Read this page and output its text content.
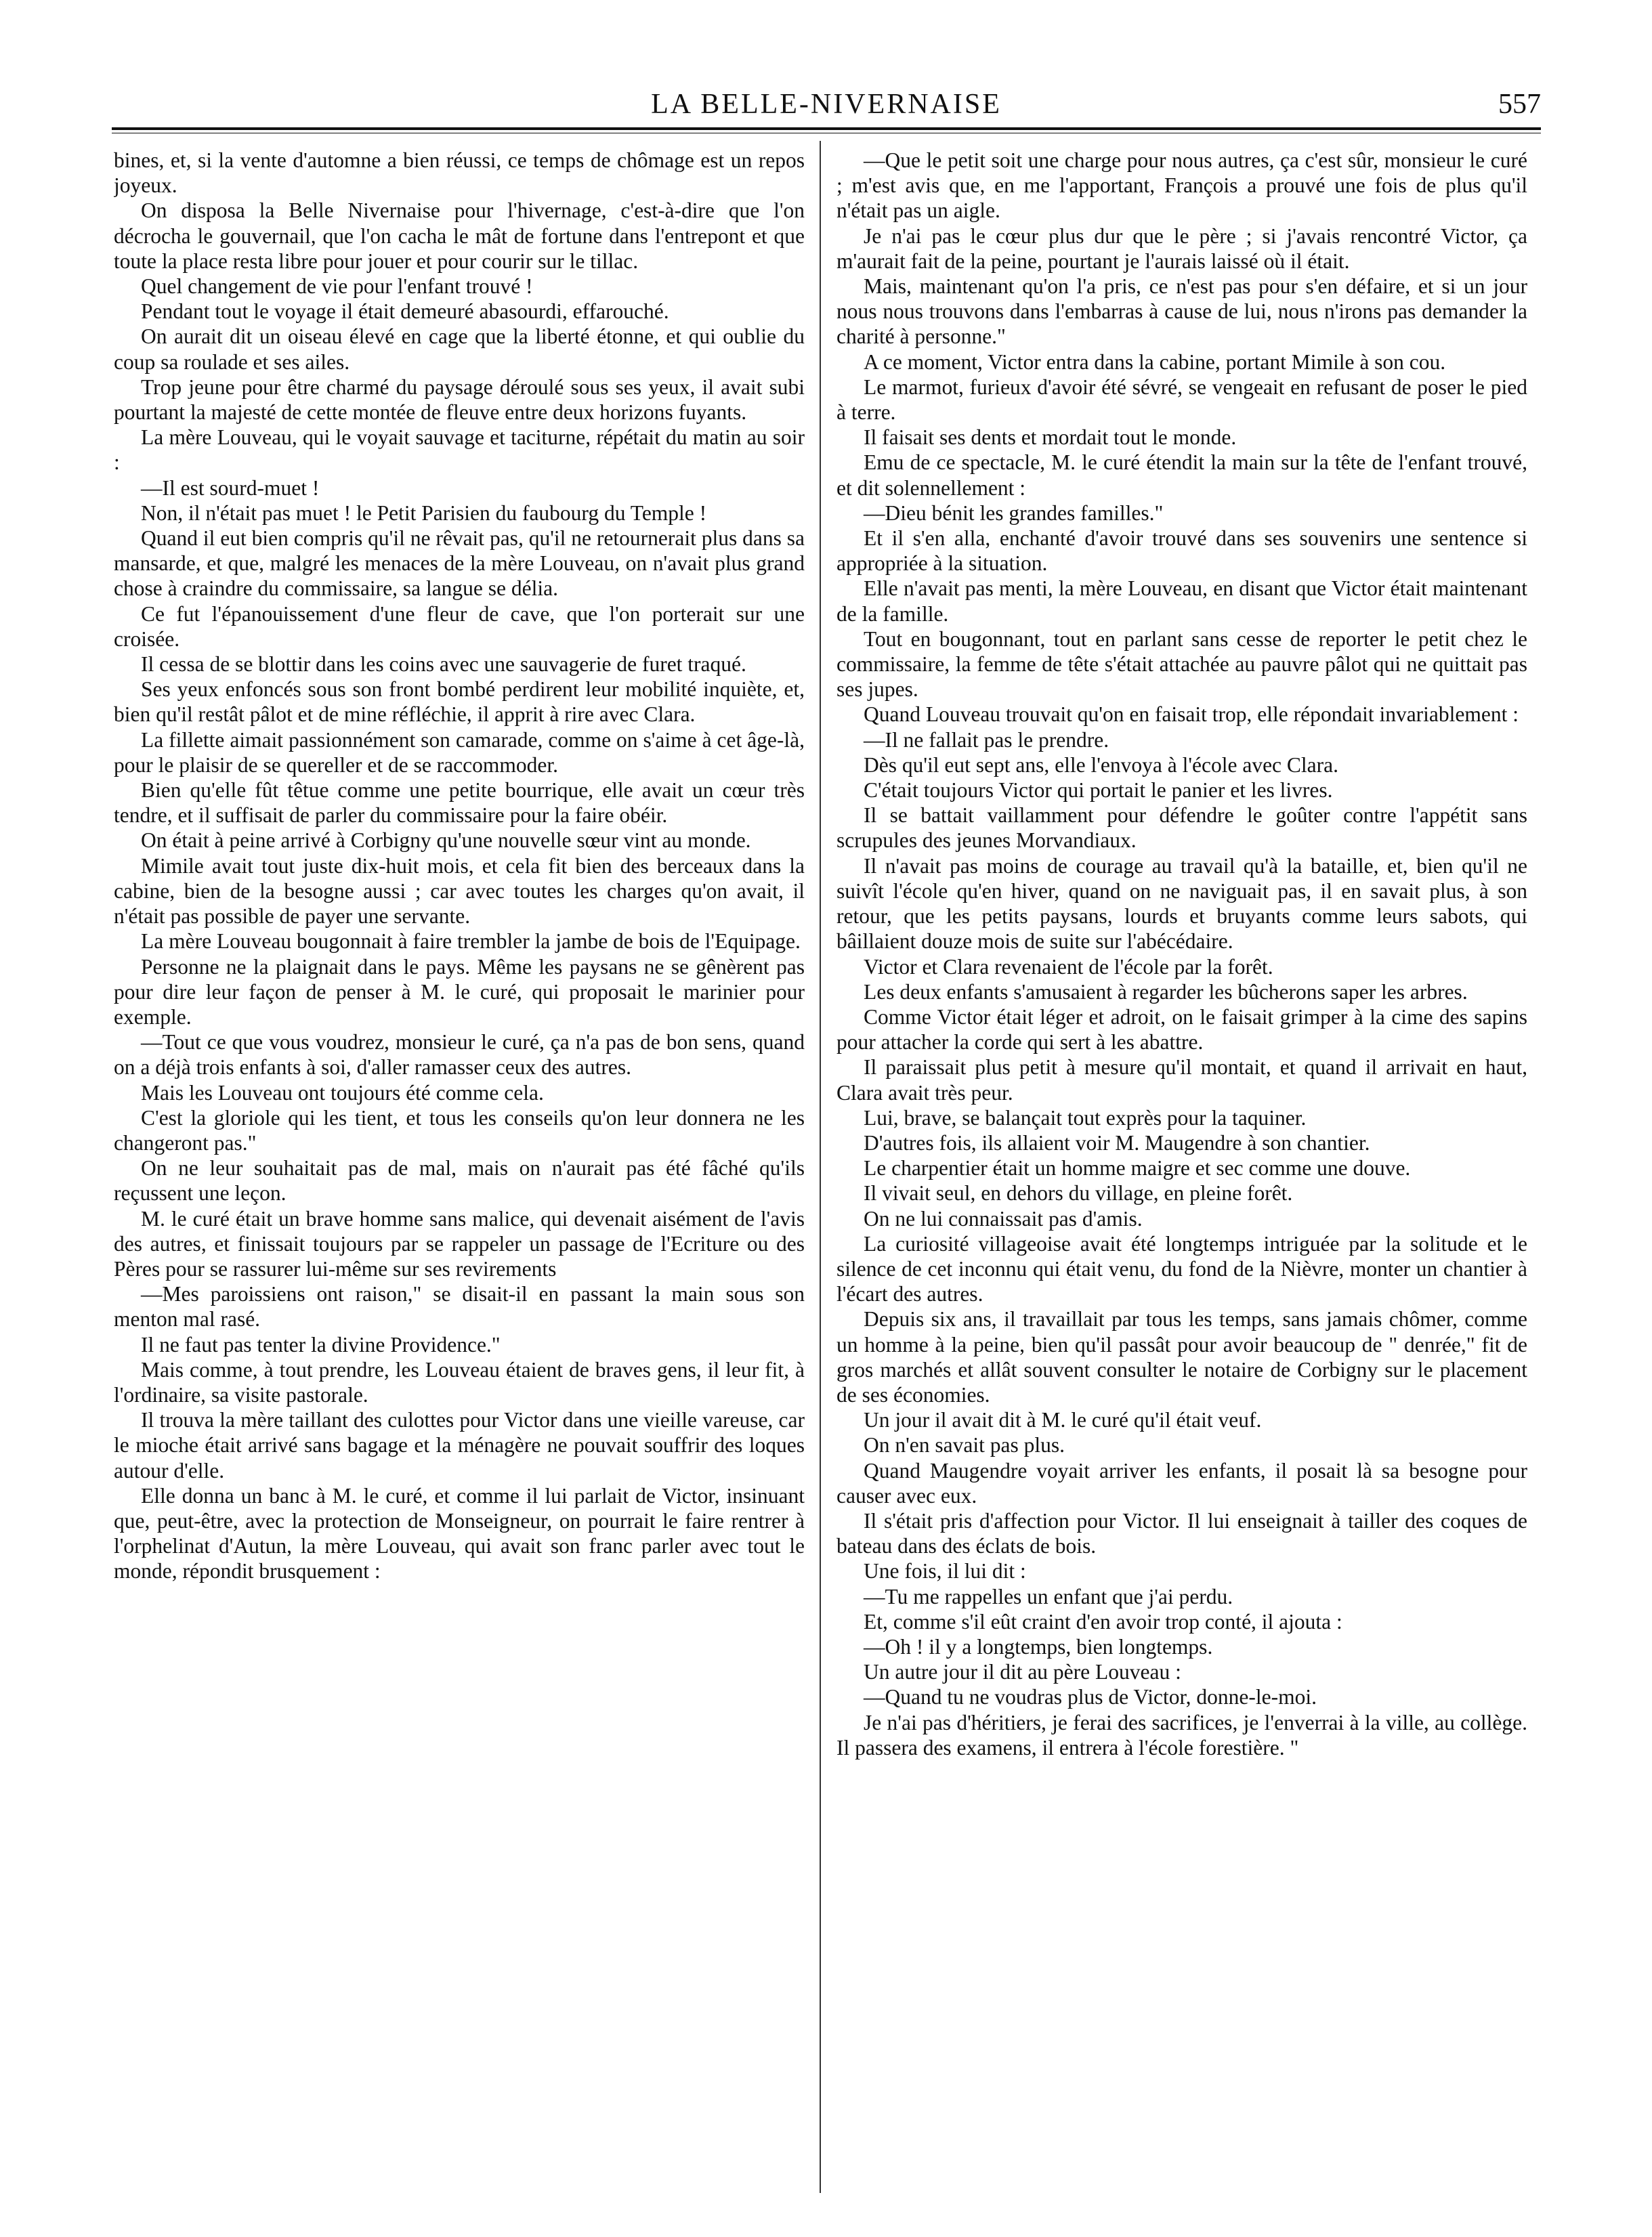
LA BELLE-NIVERNAISE	557

bines, et, si la vente d'automne a bien réussi, ce temps de chômage est un repos joyeux.

On disposa la Belle Nivernaise pour l'hivernage, c'est-à-dire que l'on décrocha le gouvernail, que l'on cacha le mât de fortune dans l'entrepont et que toute la place resta libre pour jouer et pour courir sur le tillac.

Quel changement de vie pour l'enfant trouvé !

Pendant tout le voyage il était demeuré abasourdi, effarouché.

On aurait dit un oiseau élevé en cage que la liberté étonne, et qui oublie du coup sa roulade et ses ailes.

Trop jeune pour être charmé du paysage déroulé sous ses yeux, il avait subi pourtant la majesté de cette montée de fleuve entre deux horizons fuyants.

La mère Louveau, qui le voyait sauvage et taciturne, répétait du matin au soir :

—Il est sourd-muet !

Non, il n'était pas muet ! le Petit Parisien du faubourg du Temple !

Quand il eut bien compris qu'il ne rêvait pas, qu'il ne retournerait plus dans sa mansarde, et que, malgré les menaces de la mère Louveau, on n'avait plus grand chose à craindre du commissaire, sa langue se délia.

Ce fut l'épanouissement d'une fleur de cave, que l'on porterait sur une croisée.

Il cessa de se blottir dans les coins avec une sauvagerie de furet traqué.

Ses yeux enfoncés sous son front bombé perdirent leur mobilité inquiète, et, bien qu'il restât pâlot et de mine réfléchie, il apprit à rire avec Clara.

La fillette aimait passionnément son camarade, comme on s'aime à cet âge-là, pour le plaisir de se quereller et de se raccommoder.

Bien qu'elle fût têtue comme une petite bourrique, elle avait un cœur très tendre, et il suffisait de parler du commissaire pour la faire obéir.

On était à peine arrivé à Corbigny qu'une nouvelle sœur vint au monde.

Mimile avait tout juste dix-huit mois, et cela fit bien des berceaux dans la cabine, bien de la besogne aussi ; car avec toutes les charges qu'on avait, il n'était pas possible de payer une servante.

La mère Louveau bougonnait à faire trembler la jambe de bois de l'Equipage.

Personne ne la plaignait dans le pays. Même les paysans ne se gênèrent pas pour dire leur façon de penser à M. le curé, qui proposait le marinier pour exemple.

—Tout ce que vous voudrez, monsieur le curé, ça n'a pas de bon sens, quand on a déjà trois enfants à soi, d'aller ramasser ceux des autres.

Mais les Louveau ont toujours été comme cela.

C'est la gloriole qui les tient, et tous les conseils qu'on leur donnera ne les changeront pas."

On ne leur souhaitait pas de mal, mais on n'aurait pas été fâché qu'ils reçussent une leçon.

M. le curé était un brave homme sans malice, qui devenait aisément de l'avis des autres, et finissait toujours par se rappeler un passage de l'Ecriture ou des Pères pour se rassurer lui-même sur ses revirements

—Mes paroissiens ont raison," se disait-il en passant la main sous son menton mal rasé.

Il ne faut pas tenter la divine Providence."

Mais comme, à tout prendre, les Louveau étaient de braves gens, il leur fit, à l'ordinaire, sa visite pastorale.

Il trouva la mère taillant des culottes pour Victor dans une vieille vareuse, car le mioche était arrivé sans bagage et la ménagère ne pouvait souffrir des loques autour d'elle.

Elle donna un banc à M. le curé, et comme il lui parlait de Victor, insinuant que, peut-être, avec la protection de Monseigneur, on pourrait le faire rentrer à l'orphelinat d'Autun, la mère Louveau, qui avait son franc parler avec tout le monde, répondit brusquement :

—Que le petit soit une charge pour nous autres, ça c'est sûr, monsieur le curé ; m'est avis que, en me l'apportant, François a prouvé une fois de plus qu'il n'était pas un aigle.

Je n'ai pas le cœur plus dur que le père ; si j'avais rencontré Victor, ça m'aurait fait de la peine, pourtant je l'aurais laissé où il était.

Mais, maintenant qu'on l'a pris, ce n'est pas pour s'en défaire, et si un jour nous nous trouvons dans l'embarras à cause de lui, nous n'irons pas demander la charité à personne."

A ce moment, Victor entra dans la cabine, portant Mimile à son cou.

Le marmot, furieux d'avoir été sévré, se vengeait en refusant de poser le pied à terre.

Il faisait ses dents et mordait tout le monde.

Emu de ce spectacle, M. le curé étendit la main sur la tête de l'enfant trouvé, et dit solennellement :

—Dieu bénit les grandes familles."

Et il s'en alla, enchanté d'avoir trouvé dans ses souvenirs une sentence si appropriée à la situation.

Elle n'avait pas menti, la mère Louveau, en disant que Victor était maintenant de la famille.

Tout en bougonnant, tout en parlant sans cesse de reporter le petit chez le commissaire, la femme de tête s'était attachée au pauvre pâlot qui ne quittait pas ses jupes.

Quand Louveau trouvait qu'on en faisait trop, elle répondait invariablement :

—Il ne fallait pas le prendre.

Dès qu'il eut sept ans, elle l'envoya à l'école avec Clara.

C'était toujours Victor qui portait le panier et les livres.

Il se battait vaillamment pour défendre le goûter contre l'appétit sans scrupules des jeunes Morvandiaux.

Il n'avait pas moins de courage au travail qu'à la bataille, et, bien qu'il ne suivît l'école qu'en hiver, quand on ne naviguait pas, il en savait plus, à son retour, que les petits paysans, lourds et bruyants comme leurs sabots, qui bâillaient douze mois de suite sur l'abécédaire.

Victor et Clara revenaient de l'école par la forêt.

Les deux enfants s'amusaient à regarder les bûcherons saper les arbres.

Comme Victor était léger et adroit, on le faisait grimper à la cime des sapins pour attacher la corde qui sert à les abattre.

Il paraissait plus petit à mesure qu'il montait, et quand il arrivait en haut, Clara avait très peur.

Lui, brave, se balançait tout exprès pour la taquiner.

D'autres fois, ils allaient voir M. Maugendre à son chantier.

Le charpentier était un homme maigre et sec comme une douve.

Il vivait seul, en dehors du village, en pleine forêt.

On ne lui connaissait pas d'amis.

La curiosité villageoise avait été longtemps intriguée par la solitude et le silence de cet inconnu qui était venu, du fond de la Nièvre, monter un chantier à l'écart des autres.

Depuis six ans, il travaillait par tous les temps, sans jamais chômer, comme un homme à la peine, bien qu'il passât pour avoir beaucoup de " denrée," fit de gros marchés et allât souvent consulter le notaire de Corbigny sur le placement de ses économies.

Un jour il avait dit à M. le curé qu'il était veuf.

On n'en savait pas plus.

Quand Maugendre voyait arriver les enfants, il posait là sa besogne pour causer avec eux.

Il s'était pris d'affection pour Victor. Il lui enseignait à tailler des coques de bateau dans des éclats de bois.

Une fois, il lui dit :

—Tu me rappelles un enfant que j'ai perdu.

Et, comme s'il eût craint d'en avoir trop conté, il ajouta :

—Oh ! il y a longtemps, bien longtemps.

Un autre jour il dit au père Louveau :

—Quand tu ne voudras plus de Victor, donne-le-moi.

Je n'ai pas d'héritiers, je ferai des sacrifices, je l'enverrai à la ville, au collège. Il passera des examens, il entrera à l'école forestière. "
